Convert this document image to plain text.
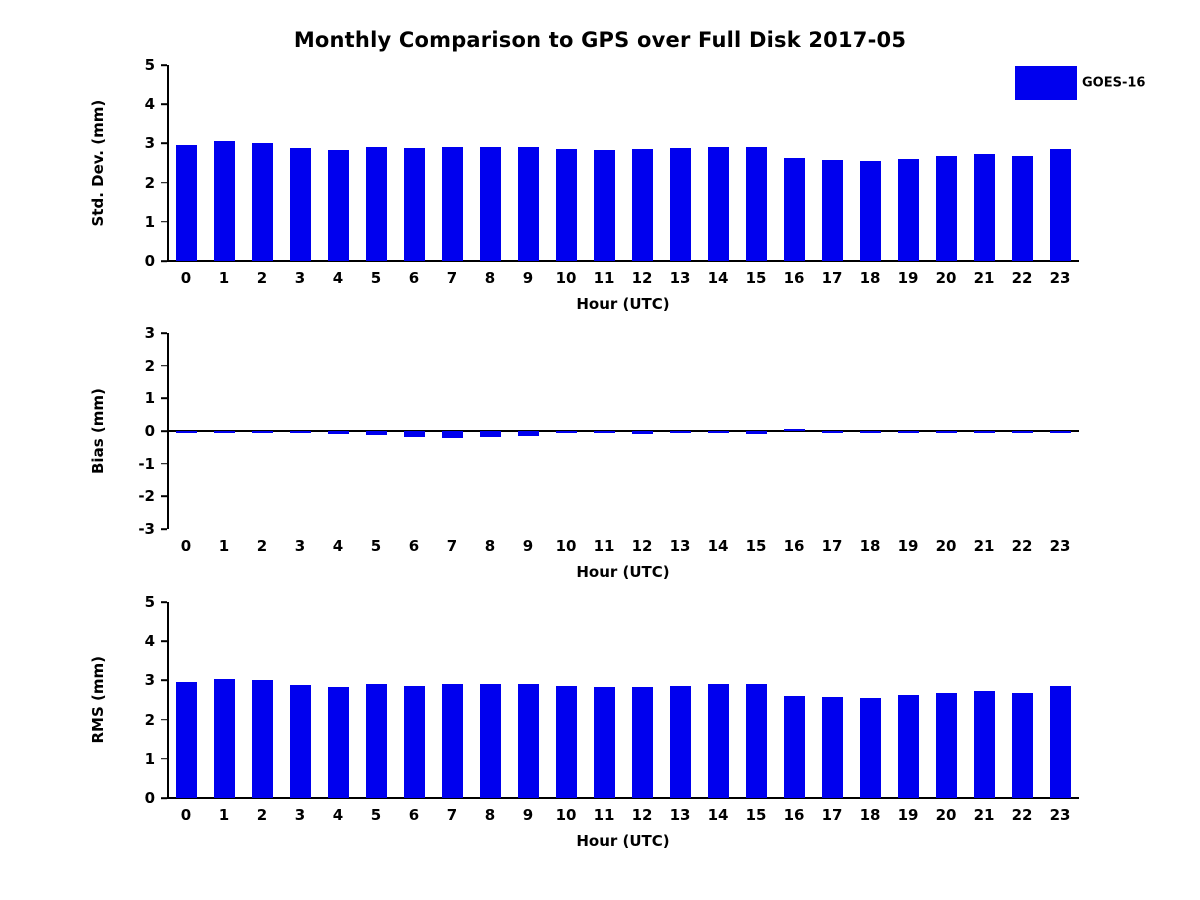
Monthly Comparison to GPS over Full Disk 2017-05
0
1
2
3
4
5
Std. Dev. (mm)
0 1 2 3 4 5 6 7 8 9 10 11 12 13 14 15 16 17 18 19 20 21 22 23
Hour (UTC)
GOES-16
-3
-2
-1
0
1
2
3
Bias (mm)
0 1 2 3 4 5 6 7 8 9 10 11 12 13 14 15 16 17 18 19 20 21 22 23
Hour (UTC)
0
1
2
3
4
5
RMS (mm)
0 1 2 3 4 5 6 7 8 9 10 11 12 13 14 15 16 17 18 19 20 21 22 23
Hour (UTC)
